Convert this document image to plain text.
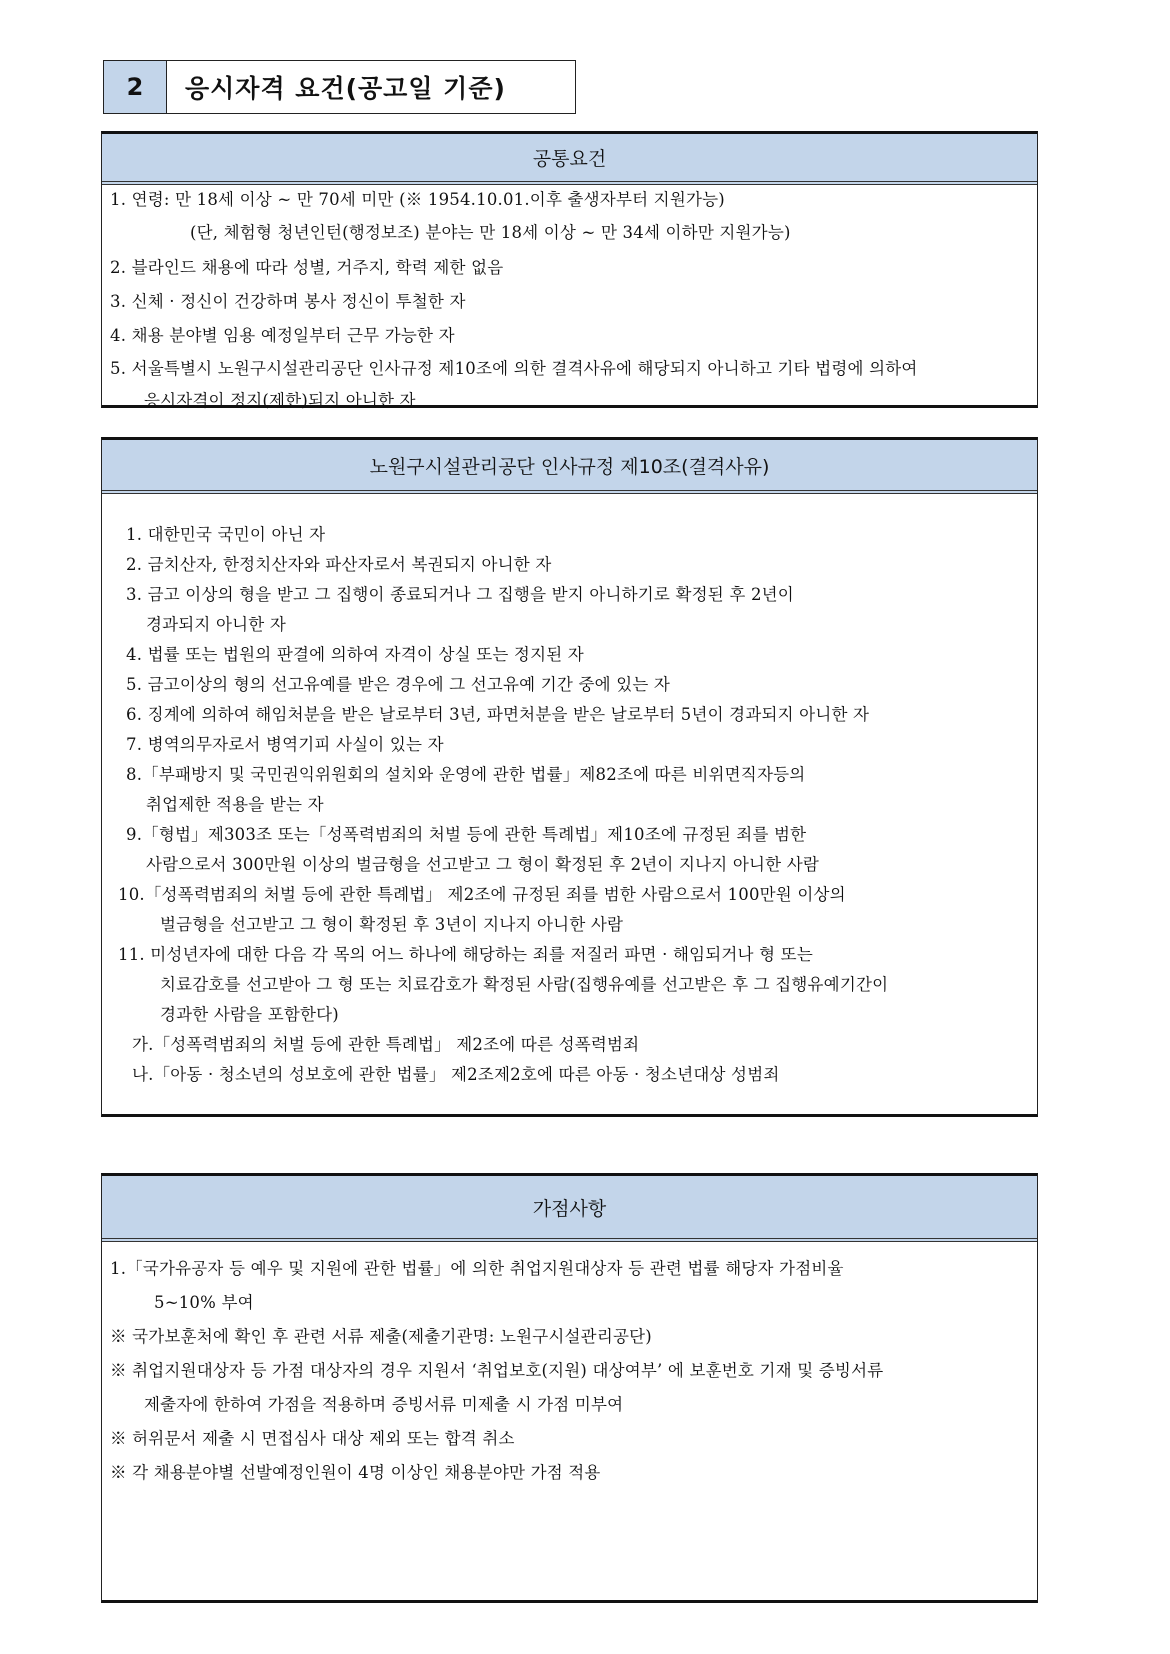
2	응시자격 요건(공고일 기준)
공통요건
1. 연령: 만 18세 이상 ~ 만 70세 미만 (※ 1954.10.01.이후 출생자부터 지원가능)
(단, 체험형 청년인턴(행정보조) 분야는 만 18세 이상 ~ 만 34세 이하만 지원가능)
2. 블라인드 채용에 따라 성별, 거주지, 학력 제한 없음
3. 신체 · 정신이 건강하며 봉사 정신이 투철한 자
4. 채용 분야별 임용 예정일부터 근무 가능한 자
5. 서울특별시 노원구시설관리공단 인사규정 제10조에 의한 결격사유에 해당되지 아니하고 기타 법령에 의하여
응시자격이 정지(제한)되지 아니한 자
노원구시설관리공단 인사규정 제10조(결격사유)
1. 대한민국 국민이 아닌 자
2. 금치산자, 한정치산자와 파산자로서 복권되지 아니한 자
3. 금고 이상의 형을 받고 그 집행이 종료되거나 그 집행을 받지 아니하기로 확정된 후 2년이
경과되지 아니한 자
4. 법률 또는 법원의 판결에 의하여 자격이 상실 또는 정지된 자
5. 금고이상의 형의 선고유예를 받은 경우에 그 선고유예 기간 중에 있는 자
6. 징계에 의하여 해임처분을 받은 날로부터 3년, 파면처분을 받은 날로부터 5년이 경과되지 아니한 자
7. 병역의무자로서 병역기피 사실이 있는 자
8.「부패방지 및 국민권익위원회의 설치와 운영에 관한 법률」제82조에 따른 비위면직자등의
취업제한 적용을 받는 자
9.「형법」제303조 또는「성폭력범죄의 처벌 등에 관한 특례법」제10조에 규정된 죄를 범한
사람으로서 300만원 이상의 벌금형을 선고받고 그 형이 확정된 후 2년이 지나지 아니한 사람
10.「성폭력범죄의 처벌 등에 관한 특례법」 제2조에 규정된 죄를 범한 사람으로서 100만원 이상의
벌금형을 선고받고 그 형이 확정된 후 3년이 지나지 아니한 사람
11. 미성년자에 대한 다음 각 목의 어느 하나에 해당하는 죄를 저질러 파면 · 해임되거나 형 또는
치료감호를 선고받아 그 형 또는 치료감호가 확정된 사람(집행유예를 선고받은 후 그 집행유예기간이
경과한 사람을 포함한다)
가.「성폭력범죄의 처벌 등에 관한 특례법」 제2조에 따른 성폭력범죄
나.「아동 · 청소년의 성보호에 관한 법률」 제2조제2호에 따른 아동 · 청소년대상 성범죄
가점사항
1.「국가유공자 등 예우 및 지원에 관한 법률」에 의한 취업지원대상자 등 관련 법률 해당자 가점비율
5~10% 부여
※ 국가보훈처에 확인 후 관련 서류 제출(제출기관명: 노원구시설관리공단)
※ 취업지원대상자 등 가점 대상자의 경우 지원서 ‘취업보호(지원) 대상여부’ 에 보훈번호 기재 및 증빙서류
제출자에 한하여 가점을 적용하며 증빙서류 미제출 시 가점 미부여
※ 허위문서 제출 시 면접심사 대상 제외 또는 합격 취소
※ 각 채용분야별 선발예정인원이 4명 이상인 채용분야만 가점 적용
